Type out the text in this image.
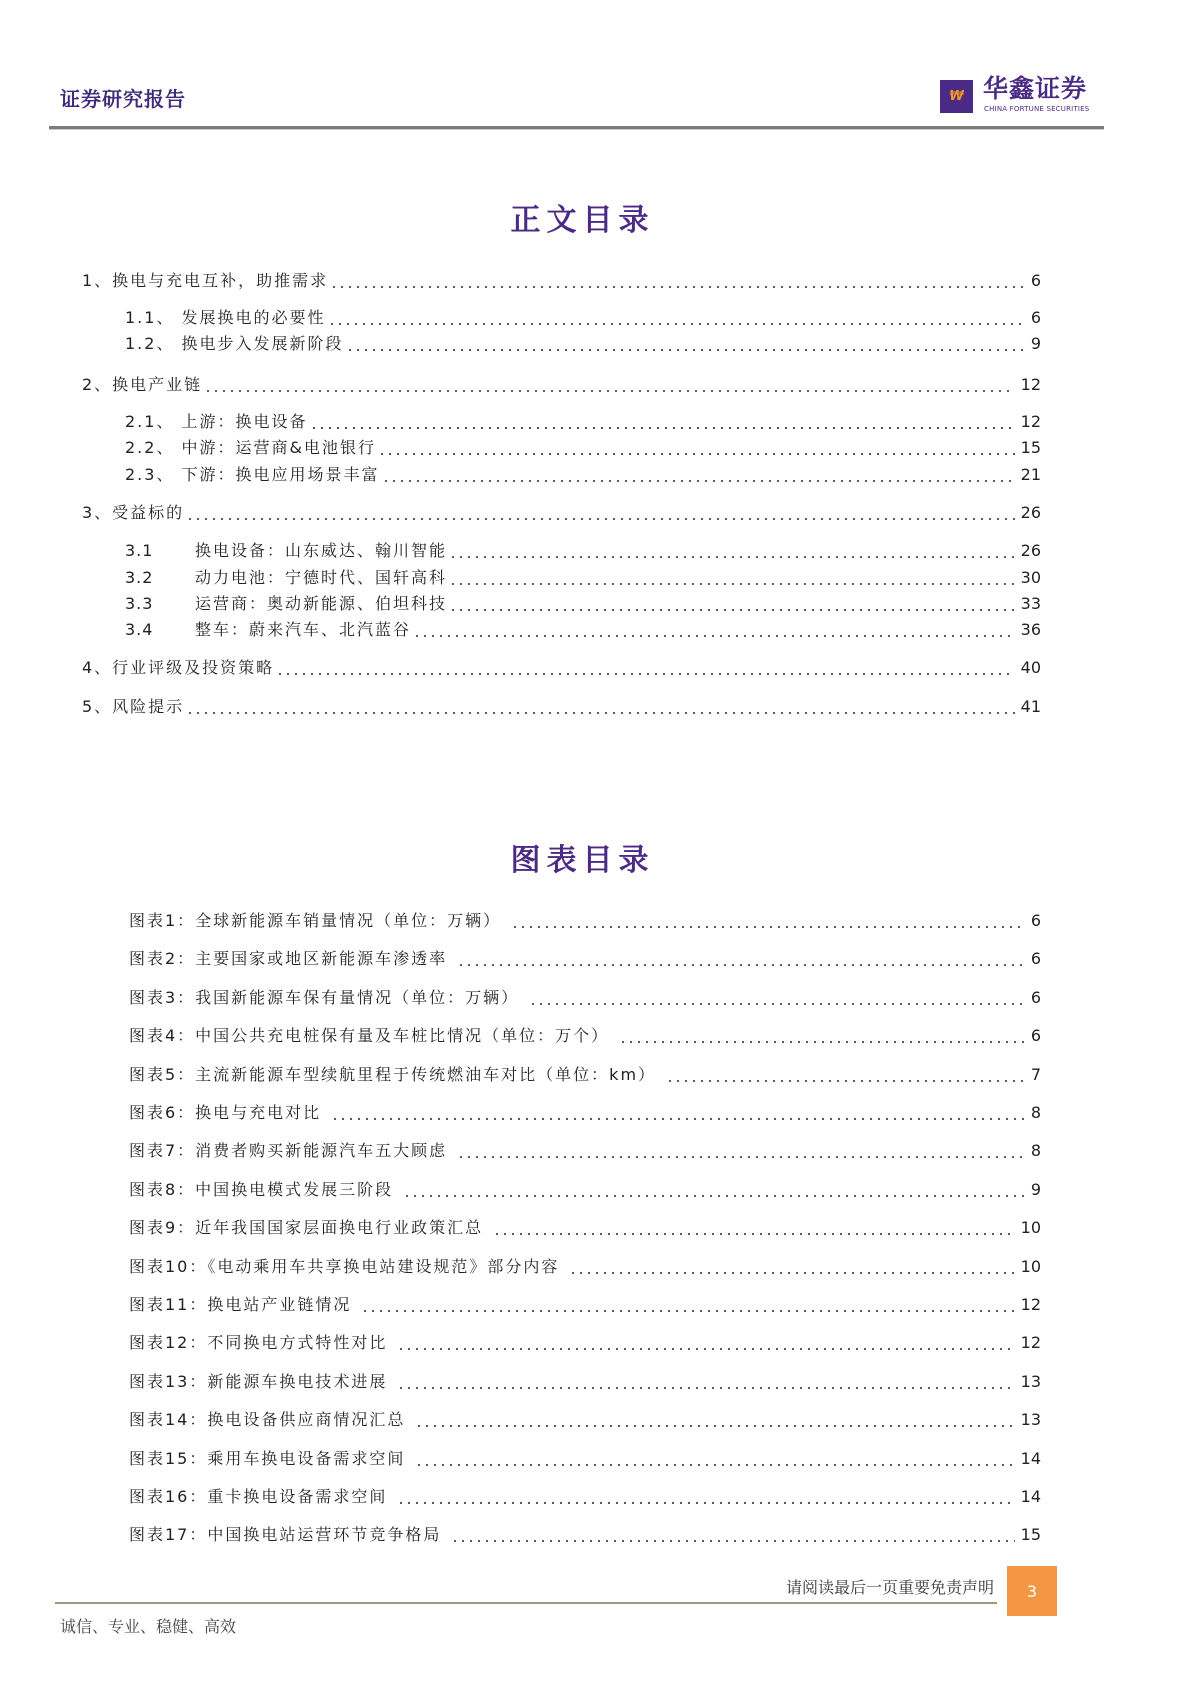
证券研究报告	₩ 华鑫证券
CHINA FORTUNE SECURITIES
正文目录
1、换电与充电互补，助推需求	6
1.1、 发展换电的必要性	6
1.2、 换电步入发展新阶段	9
2、换电产业链	12
2.1、 上游：换电设备	12
2.2、 中游：运营商&电池银行	15
2.3、 下游：换电应用场景丰富	21
3、受益标的	26
3.1	换电设备：山东威达、翰川智能	26
3.2	动力电池：宁德时代、国轩高科	30
3.3	运营商：奥动新能源、伯坦科技	33
3.4	整车：蔚来汽车、北汽蓝谷	36
4、行业评级及投资策略	40
5、风险提示	41
图表目录
图表1：全球新能源车销量情况（单位：万辆）	6
图表2：主要国家或地区新能源车渗透率	6
图表3：我国新能源车保有量情况（单位：万辆）	6
图表4：中国公共充电桩保有量及车桩比情况（单位：万个）	6
图表5：主流新能源车型续航里程于传统燃油车对比（单位：km）	7
图表6：换电与充电对比	8
图表7：消费者购买新能源汽车五大顾虑	8
图表8：中国换电模式发展三阶段	9
图表9：近年我国国家层面换电行业政策汇总	10
图表10：《电动乘用车共享换电站建设规范》部分内容	10
图表11：换电站产业链情况	12
图表12：不同换电方式特性对比	12
图表13：新能源车换电技术进展	13
图表14：换电设备供应商情况汇总	13
图表15：乘用车换电设备需求空间	14
图表16：重卡换电设备需求空间	14
图表17：中国换电站运营环节竞争格局	15
请阅读最后一页重要免责声明	3
诚信、专业、稳健、高效
